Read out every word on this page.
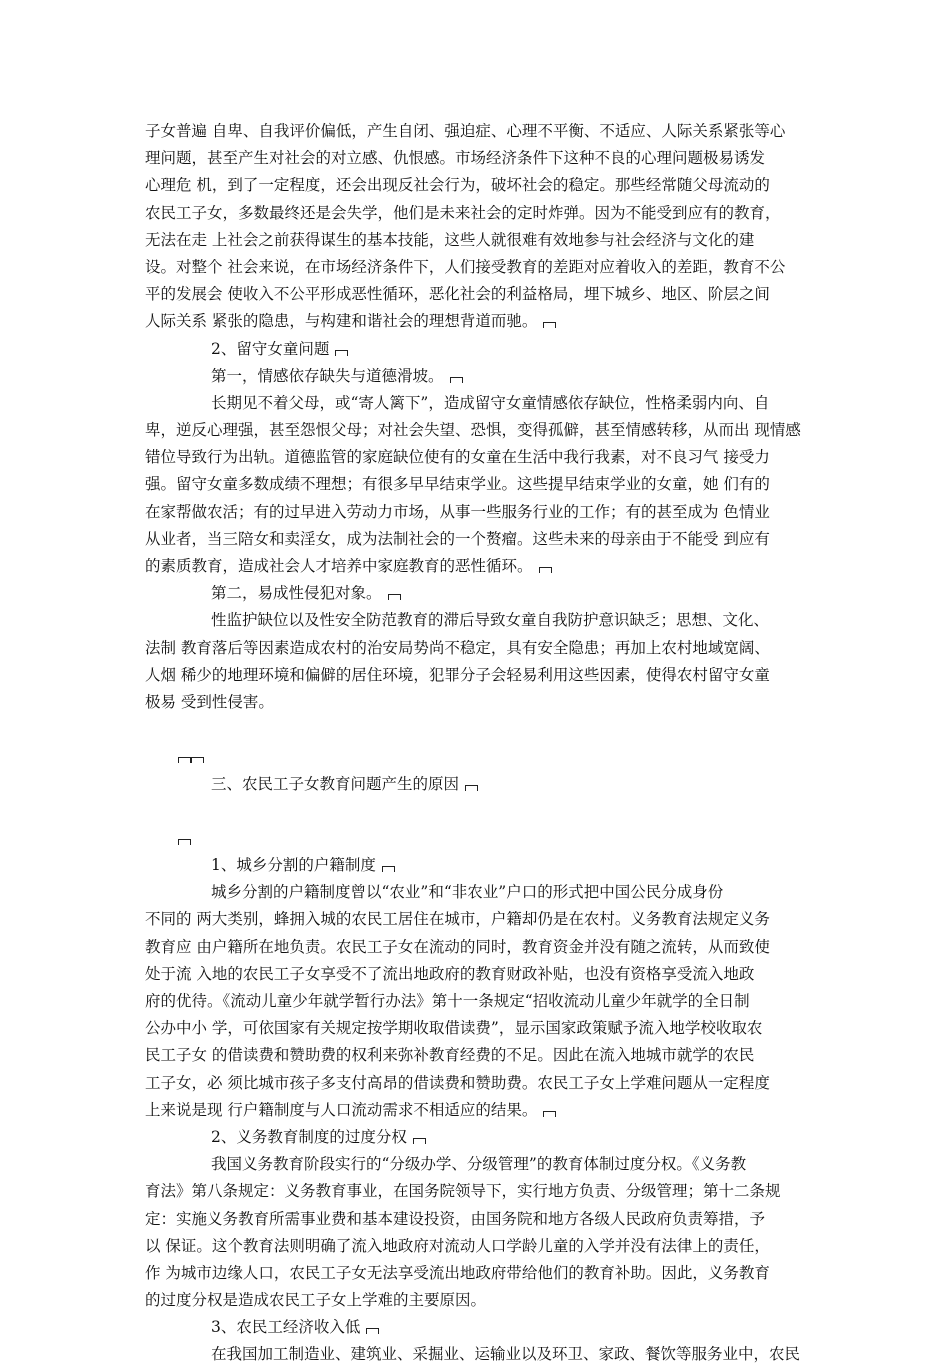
子女普遍 自卑、自我评价偏低，产生自闭、强迫症、心理不平衡、不适应、人际关系紧张等心
理问题，甚至产生对社会的对立感、仇恨感。市场经济条件下这种不良的心理问题极易诱发
心理危 机，到了一定程度，还会出现反社会行为，破坏社会的稳定。那些经常随父母流动的
农民工子女，多数最终还是会失学，他们是未来社会的定时炸弹。因为不能受到应有的教育，
无法在走 上社会之前获得谋生的基本技能，这些人就很难有效地参与社会经济与文化的建
设。对整个 社会来说，在市场经济条件下，人们接受教育的差距对应着收入的差距，教育不公
平的发展会 使收入不公平形成恶性循环，恶化社会的利益格局，埋下城乡、地区、阶层之间
人际关系 紧张的隐患，与构建和谐社会的理想背道而驰。
2、留守女童问题
第一，情感依存缺失与道德滑坡。
长期见不着父母，或“寄人篱下”，造成留守女童情感依存缺位，性格柔弱内向、自
卑，逆反心理强，甚至怨恨父母；对社会失望、恐惧，变得孤僻，甚至情感转移，从而出 现情感
错位导致行为出轨。道德监管的家庭缺位使有的女童在生活中我行我素，对不良习气 接受力
强。留守女童多数成绩不理想；有很多早早结束学业。这些提早结束学业的女童，她 们有的
在家帮做农活；有的过早进入劳动力市场，从事一些服务行业的工作；有的甚至成为 色情业
从业者，当三陪女和卖淫女，成为法制社会的一个赘瘤。这些未来的母亲由于不能受 到应有
的素质教育，造成社会人才培养中家庭教育的恶性循环。
第二，易成性侵犯对象。
性监护缺位以及性安全防范教育的滞后导致女童自我防护意识缺乏；思想、文化、
法制 教育落后等因素造成农村的治安局势尚不稳定，具有安全隐患；再加上农村地域宽阔、
人烟 稀少的地理环境和偏僻的居住环境，犯罪分子会轻易利用这些因素，使得农村留守女童
极易 受到性侵害。
三、农民工子女教育问题产生的原因
1、城乡分割的户籍制度
城乡分割的户籍制度曾以“农业”和“非农业”户口的形式把中国公民分成身份
不同的 两大类别，蜂拥入城的农民工居住在城市，户籍却仍是在农村。义务教育法规定义务
教育应 由户籍所在地负责。农民工子女在流动的同时，教育资金并没有随之流转，从而致使
处于流 入地的农民工子女享受不了流出地政府的教育财政补贴，也没有资格享受流入地政
府的优待。《流动儿童少年就学暂行办法》第十一条规定“招收流动儿童少年就学的全日制
公办中小 学，可依国家有关规定按学期收取借读费”，显示国家政策赋予流入地学校收取农
民工子女 的借读费和赞助费的权利来弥补教育经费的不足。因此在流入地城市就学的农民
工子女，必 须比城市孩子多支付高昂的借读费和赞助费。农民工子女上学难问题从一定程度
上来说是现 行户籍制度与人口流动需求不相适应的结果。
2、义务教育制度的过度分权
我国义务教育阶段实行的“分级办学、分级管理”的教育体制过度分权。《义务教
育法》第八条规定：义务教育事业，在国务院领导下，实行地方负责、分级管理；第十二条规
定：实施义务教育所需事业费和基本建设投资，由国务院和地方各级人民政府负责筹措，予
以 保证。这个教育法则明确了流入地政府对流动人口学龄儿童的入学并没有法律上的责任，
作 为城市边缘人口，农民工子女无法享受流出地政府带给他们的教育补助。因此，义务教育
的过度分权是造成农民工子女上学难的主要原因。
3、农民工经济收入低
在我国加工制造业、建筑业、采掘业、运输业以及环卫、家政、餐饮等服务业中，农民
